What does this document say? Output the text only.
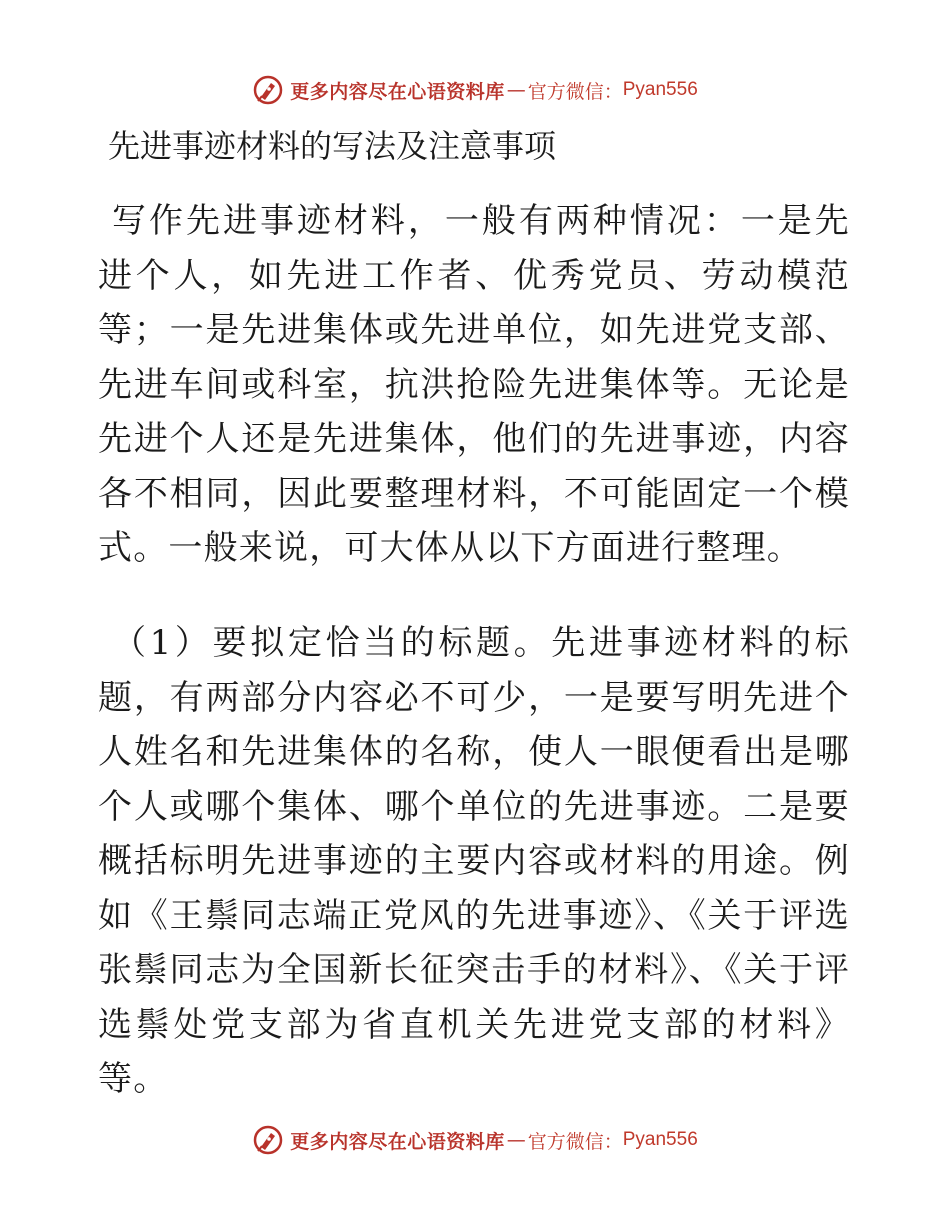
更多内容尽在心语资料库 — 官方微信： Pyan556
先进事迹材料的写法及注意事项

写作先进事迹材料，一般有两种情况：一是先进个人，如先进工作者、优秀党员、劳动模范等；一是先进集体或先进单位，如先进党支部、先进车间或科室，抗洪抢险先进集体等。无论是先进个人还是先进集体，他们的先进事迹，内容各不相同，因此要整理材料，不可能固定一个模式。一般来说，可大体从以下方面进行整理。

（1）要拟定恰当的标题。先进事迹材料的标题，有两部分内容必不可少，一是要写明先进个人姓名和先进集体的名称，使人一眼便看出是哪个人或哪个集体、哪个单位的先进事迹。二是要概括标明先进事迹的主要内容或材料的用途。例如《王鬃同志端正党风的先进事迹》、《关于评选张鬃同志为全国新长征突击手的材料》、《关于评选鬃处党支部为省直机关先进党支部的材料》等。

更多内容尽在心语资料库 — 官方微信： Pyan556
